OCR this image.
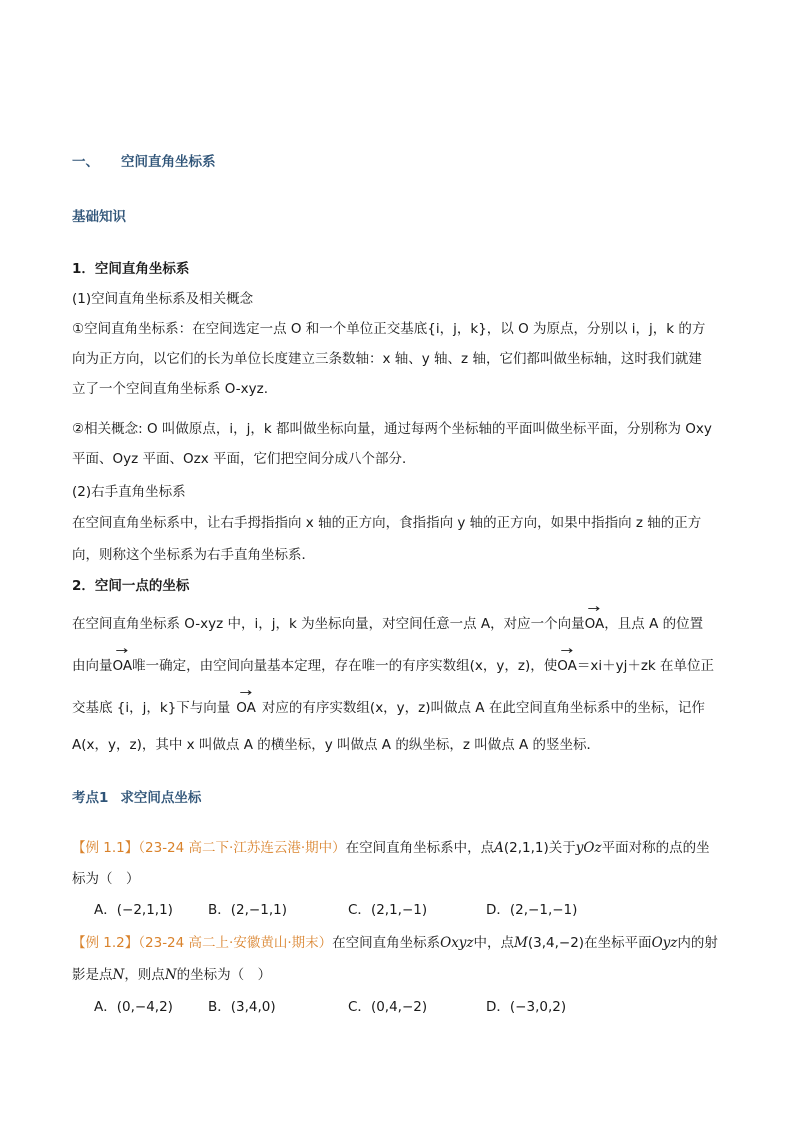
一、 空间直角坐标系
基础知识
1．空间直角坐标系
(1)空间直角坐标系及相关概念
①空间直角坐标系：在空间选定一点 O 和一个单位正交基底{i，j，k}，以 O 为原点，分别以 i，j，k 的方
向为正方向，以它们的长为单位长度建立三条数轴：x 轴、y 轴、z 轴，它们都叫做坐标轴，这时我们就建
立了一个空间直角坐标系 O-xyz.
②相关概念: O 叫做原点，i，j，k 都叫做坐标向量，通过每两个坐标轴的平面叫做坐标平面，分别称为 Oxy
平面、Oyz 平面、Ozx 平面，它们把空间分成八个部分．
(2)右手直角坐标系
在空间直角坐标系中，让右手拇指指向 x 轴的正方向，食指指向 y 轴的正方向，如果中指指向 z 轴的正方
向，则称这个坐标系为右手直角坐标系．
2．空间一点的坐标
在空间直角坐标系 O-xyz 中，i，j，k 为坐标向量，对空间任意一点 A，对应一个向量→ OA，且点 A 的位置
由向量→ OA唯一确定，由空间向量基本定理，存在唯一的有序实数组(x，y，z)，使→ OA＝xi＋yj＋zk 在单位正
交基底 {i，j，k}下与向量→ OA 对应的有序实数组(x，y，z)叫做点 A 在此空间直角坐标系中的坐标，记作
A(x，y，z)，其中 x 叫做点 A 的横坐标，y 叫做点 A 的纵坐标，z 叫做点 A 的竖坐标．
考点1 求空间点坐标
【例 1.1】（23-24 高二下·江苏连云港·期中）在空间直角坐标系中，点A(2,1,1)关于yOz平面对称的点的坐
标为（　）
A．(−2,1,1)	B．(2,−1,1)	C．(2,1,−1)	D．(2,−1,−1)
【例 1.2】（23-24 高二上·安徽黄山·期末）在空间直角坐标系Oxyz中，点M(3,4,−2)在坐标平面Oyz内的射
影是点N，则点N的坐标为（　）
A．(0,−4,2)	B．(3,4,0)	C．(0,4,−2)	D．(−3,0,2)
